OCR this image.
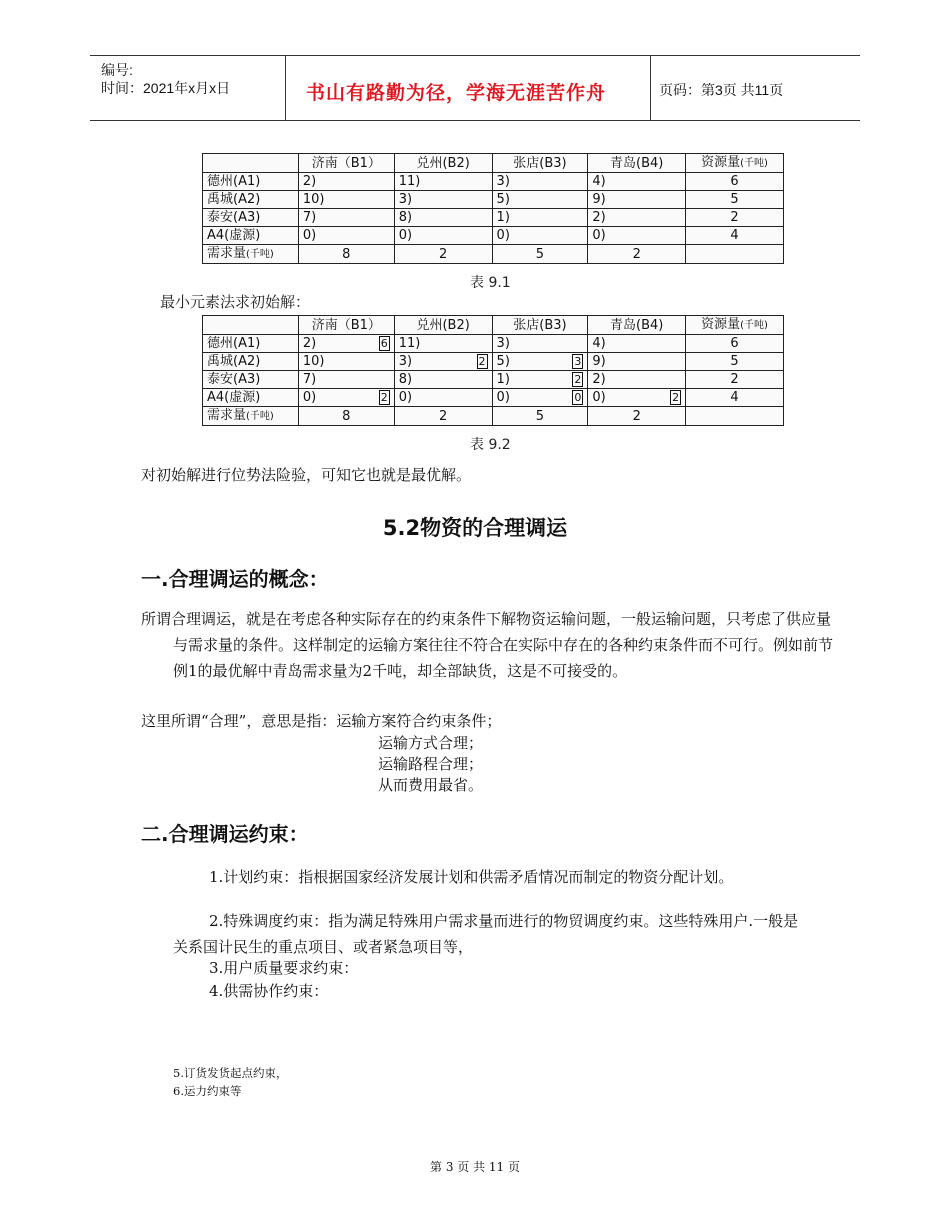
编号:
时间：2021年x月x日	书山有路勤为径，学海无涯苦作舟	页码：第3页 共11页
	济南（B1）	兑州(B2)	张店(B3)	青岛(B4)	资源量(千吨)
德州(A1)	2)	11)	3)	4)	6
禹城(A2)	10)	3)	5)	9)	5
泰安(A3)	7)	8)	1)	2)	2
A4(虚源)	0)	0)	0)	0)	4
需求量(千吨)	8	2	5	2	
表 9.1
最小元素法求初始解：
	济南（B1）	兑州(B2)	张店(B3)	青岛(B4)	资源量(千吨)
德州(A1)	2) 6	11)	3)	4)	6
禹城(A2)	10)	3) 2	5) 3	9)	5
泰安(A3)	7)	8)	1) 2	2)	2
A4(虚源)	0) 2	0)	0) 0	0) 2	4
需求量(千吨)	8	2	5	2	
表 9.2
对初始解进行位势法险验，可知它也就是最优解。
5.2物资的合理调运
一.合理调运的概念：
所谓合理调运，就是在考虑各种实际存在的约束条件下解物资运输问题，一般运输问题，只考虑了供应量与需求量的条件。这样制定的运输方案往往不符合在实际中存在的各种约束条件而不可行。例如前节例1的最优解中青岛需求量为2千吨，却全部缺货，这是不可接受的。
这里所谓“合理”，意思是指：运输方案符合约束条件；
运输方式合理；
运输路程合理；
从而费用最省。
二.合理调运约束：
1.计划约束：指根据国家经济发展计划和供需矛盾情况而制定的物资分配计划。
2.特殊调度约束：指为满足特殊用户需求量而进行的物贸调度约束。这些特殊用户.一般是关系国计民生的重点项目、或者紧急项目等，
3.用户质量要求约束：
4.供需协作约束：
5.订货发货起点约束，
6.运力约束等
第 3 页 共 11 页
